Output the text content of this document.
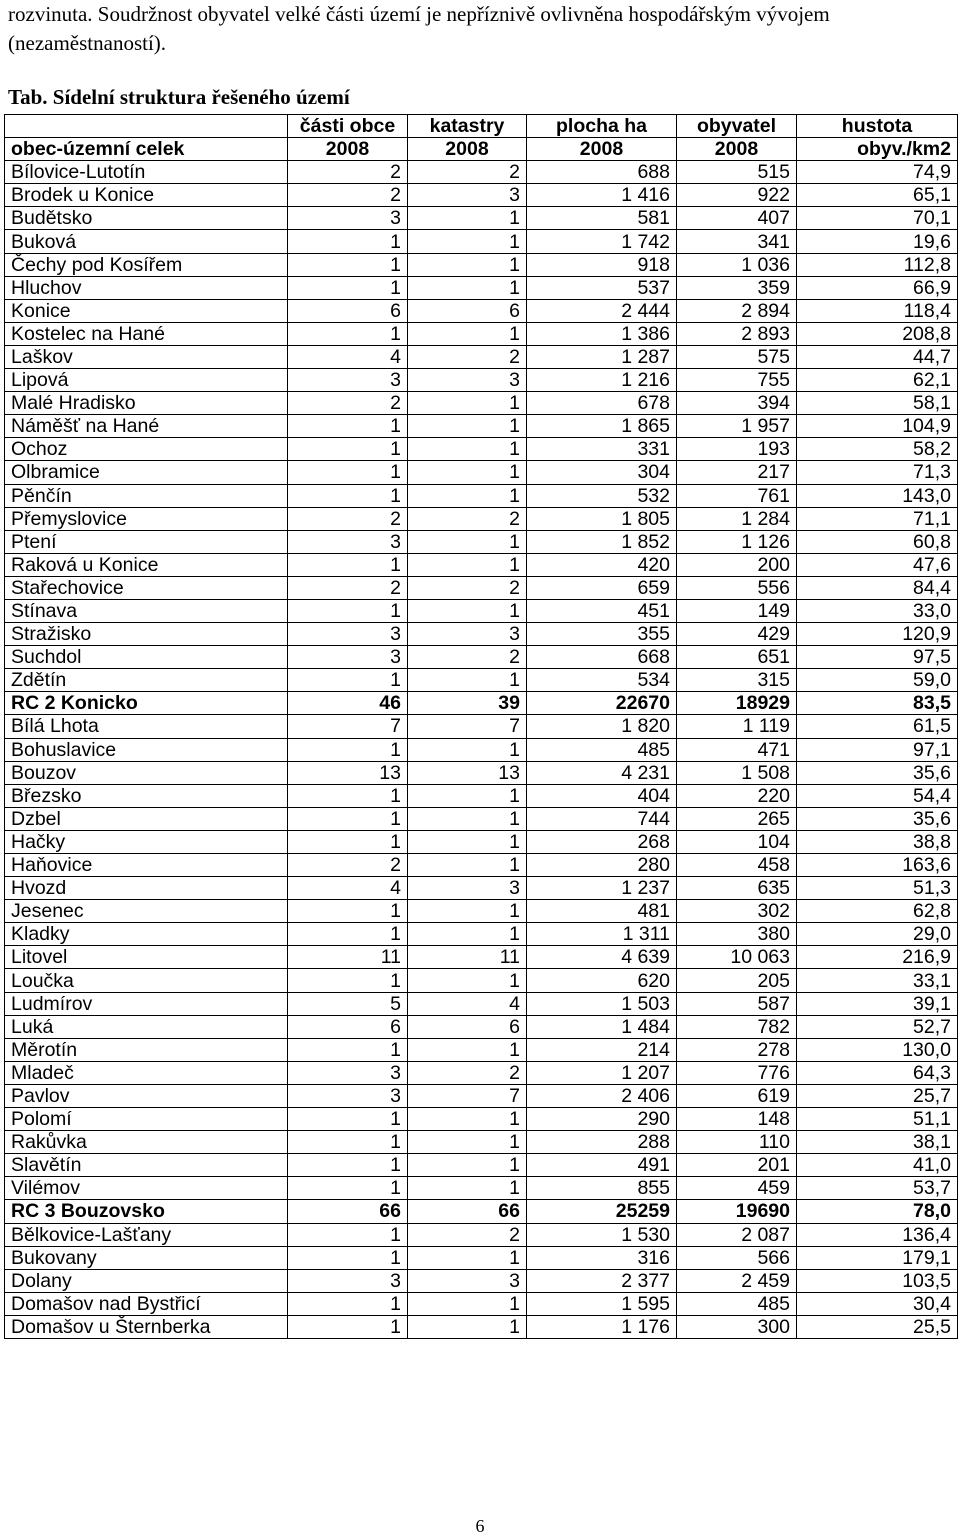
rozvinuta. Soudržnost obyvatel velké části území je nepříznivě ovlivněna hospodářským vývojem (nezaměstnaností).
Tab. Sídelní struktura řešeného území
	části obce	katastry	plocha ha	obyvatel	hustota
obec-územní celek	2008	2008	2008	2008	obyv./km2
Bílovice-Lutotín	2	2	688	515	74,9
Brodek u Konice	2	3	1 416	922	65,1
Budětsko	3	1	581	407	70,1
Buková	1	1	1 742	341	19,6
Čechy pod Kosířem	1	1	918	1 036	112,8
Hluchov	1	1	537	359	66,9
Konice	6	6	2 444	2 894	118,4
Kostelec na Hané	1	1	1 386	2 893	208,8
Laškov	4	2	1 287	575	44,7
Lipová	3	3	1 216	755	62,1
Malé Hradisko	2	1	678	394	58,1
Náměšť na Hané	1	1	1 865	1 957	104,9
Ochoz	1	1	331	193	58,2
Olbramice	1	1	304	217	71,3
Pěnčín	1	1	532	761	143,0
Přemyslovice	2	2	1 805	1 284	71,1
Ptení	3	1	1 852	1 126	60,8
Raková u Konice	1	1	420	200	47,6
Stařechovice	2	2	659	556	84,4
Stínava	1	1	451	149	33,0
Stražisko	3	3	355	429	120,9
Suchdol	3	2	668	651	97,5
Zdětín	1	1	534	315	59,0
RC 2 Konicko	46	39	22670	18929	83,5
Bílá Lhota	7	7	1 820	1 119	61,5
Bohuslavice	1	1	485	471	97,1
Bouzov	13	13	4 231	1 508	35,6
Březsko	1	1	404	220	54,4
Dzbel	1	1	744	265	35,6
Hačky	1	1	268	104	38,8
Haňovice	2	1	280	458	163,6
Hvozd	4	3	1 237	635	51,3
Jesenec	1	1	481	302	62,8
Kladky	1	1	1 311	380	29,0
Litovel	11	11	4 639	10 063	216,9
Loučka	1	1	620	205	33,1
Ludmírov	5	4	1 503	587	39,1
Luká	6	6	1 484	782	52,7
Měrotín	1	1	214	278	130,0
Mladeč	3	2	1 207	776	64,3
Pavlov	3	7	2 406	619	25,7
Polomí	1	1	290	148	51,1
Rakůvka	1	1	288	110	38,1
Slavětín	1	1	491	201	41,0
Vilémov	1	1	855	459	53,7
RC 3 Bouzovsko	66	66	25259	19690	78,0
Bělkovice-Lašťany	1	2	1 530	2 087	136,4
Bukovany	1	1	316	566	179,1
Dolany	3	3	2 377	2 459	103,5
Domašov nad Bystřicí	1	1	1 595	485	30,4
Domašov u Šternberka	1	1	1 176	300	25,5
6
